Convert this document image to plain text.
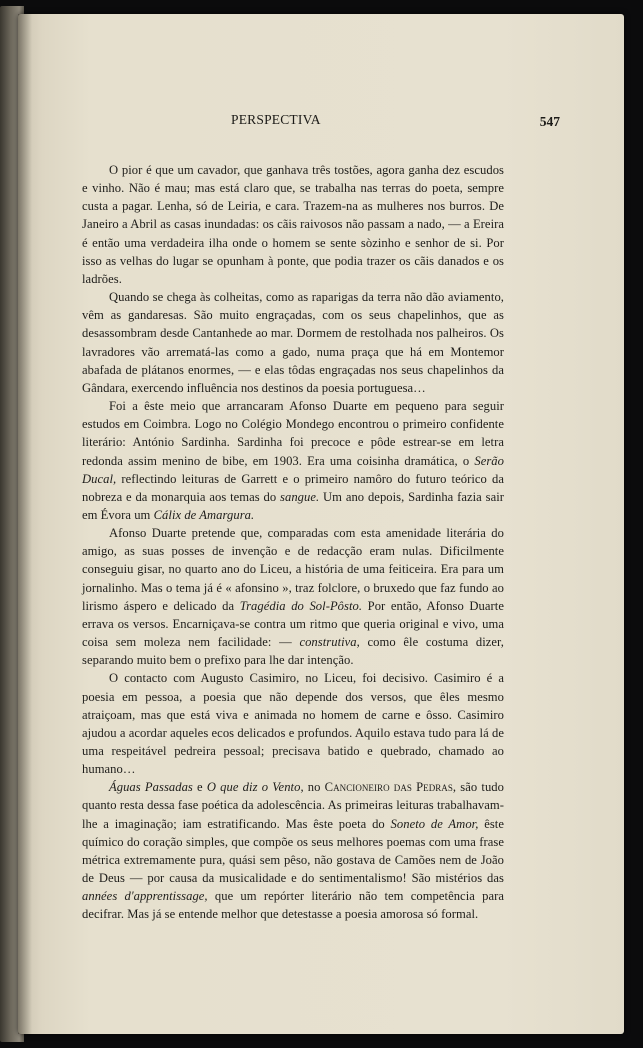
PERSPECTIVA	547

O pior é que um cavador, que ganhava três tostões, agora ganha dez escudos e vinho. Não é mau; mas está claro que, se trabalha nas terras do poeta, sempre custa a pagar. Lenha, só de Leiria, e cara. Trazem-na as mulheres nos burros. De Janeiro a Abril as casas inundadas: os cãis raivosos não passam a nado, — a Ereira é então uma verdadeira ilha onde o homem se sente sòzinho e senhor de si. Por isso as velhas do lugar se opunham à ponte, que podia trazer os cãis danados e os ladrões.

Quando se chega às colheitas, como as raparigas da terra não dão aviamento, vêm as gandaresas. São muito engraçadas, com os seus chapelinhos, que as desassombram desde Cantanhede ao mar. Dormem de restolhada nos palheiros. Os lavradores vão arrematá-las como a gado, numa praça que há em Montemor abafada de plátanos enormes, — e elas tôdas engraçadas nos seus chapelinhos da Gândara, exercendo influência nos destinos da poesia portuguesa…

Foi a êste meio que arrancaram Afonso Duarte em pequeno para seguir estudos em Coimbra. Logo no Colégio Mondego encontrou o primeiro confidente literário: António Sardinha. Sardinha foi precoce e pôde estrear-se em letra redonda assim menino de bibe, em 1903. Era uma coisinha dramática, o Serão Ducal, reflectindo leituras de Garrett e o primeiro namôro do futuro teórico da nobreza e da monarquia aos temas do sangue. Um ano depois, Sardinha fazia sair em Évora um Cálix de Amargura.

Afonso Duarte pretende que, comparadas com esta amenidade literária do amigo, as suas posses de invenção e de redacção eram nulas. Dificilmente conseguiu gisar, no quarto ano do Liceu, a história de uma feiticeira. Era para um jornalinho. Mas o tema já é « afonsino », traz folclore, o bruxedo que faz fundo ao lirismo áspero e delicado da Tragédia do Sol-Pôsto. Por então, Afonso Duarte errava os versos. Encarniçava-se contra um ritmo que queria original e vivo, uma coisa sem moleza nem facilidade: — construtiva, como êle costuma dizer, separando muito bem o prefixo para lhe dar intenção.

O contacto com Augusto Casimiro, no Liceu, foi decisivo. Casimiro é a poesia em pessoa, a poesia que não depende dos versos, que êles mesmo atraiçoam, mas que está viva e animada no homem de carne e ôsso. Casimiro ajudou a acordar aqueles ecos delicados e profundos. Aquilo estava tudo para lá de uma respeitável pedreira pessoal; precisava batido e quebrado, chamado ao humano…

Águas Passadas e O que diz o Vento, no Cancioneiro das Pedras, são tudo quanto resta dessa fase poética da adolescência. As primeiras leituras trabalhavam-lhe a imaginação; iam estratificando. Mas êste poeta do Soneto de Amor, êste químico do coração simples, que compõe os seus melhores poemas com uma frase métrica extremamente pura, quási sem pêso, não gostava de Camões nem de João de Deus — por causa da musicalidade e do sentimentalismo! São mistérios das années d'apprentissage, que um repórter literário não tem competência para decifrar. Mas já se entende melhor que detestasse a poesia amorosa só formal.
